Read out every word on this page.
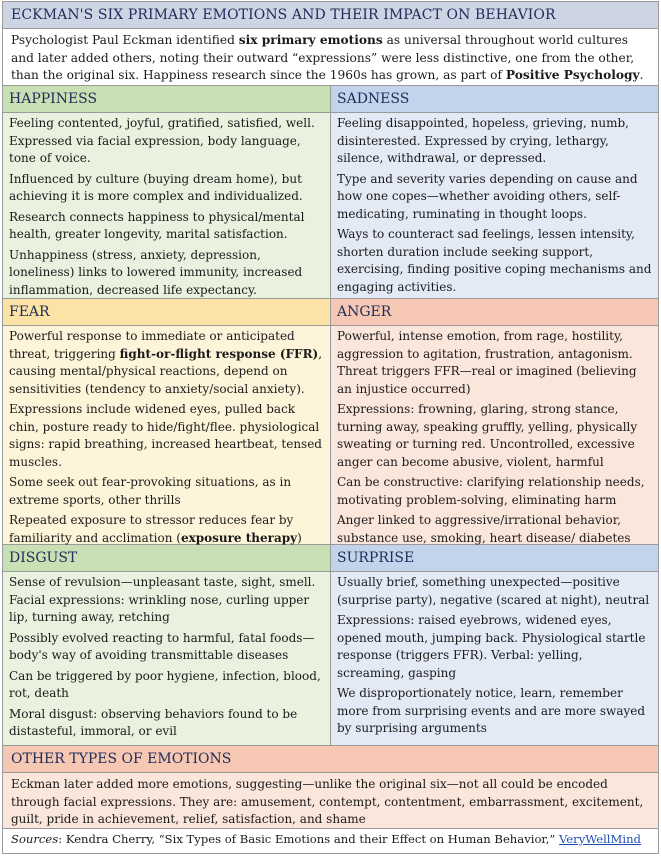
ECKMAN'S SIX PRIMARY EMOTIONS AND THEIR IMPACT ON BEHAVIOR
Psychologist Paul Eckman identified six primary emotions as universal throughout world cultures and later added others, noting their outward “expressions” were less distinctive, one from the other, than the original six. Happiness research since the 1960s has grown, as part of Positive Psychology.
HAPPINESS

Feeling contented, joyful, gratified, satisfied, well. Expressed via facial expression, body language, tone of voice.

Influenced by culture (buying dream home), but achieving it is more complex and individualized.

Research connects happiness to physical/mental health, greater longevity, marital satisfaction.

Unhappiness (stress, anxiety, depression, loneliness) links to lowered immunity, increased inflammation, decreased life expectancy.

SADNESS

Feeling disappointed, hopeless, grieving, numb, disinterested. Expressed by crying, lethargy, silence, withdrawal, or depressed.

Type and severity varies depending on cause and how one copes—whether avoiding others, self-medicating, ruminating in thought loops.

Ways to counteract sad feelings, lessen intensity, shorten duration include seeking support, exercising, finding positive coping mechanisms and engaging activities.

FEAR

Powerful response to immediate or anticipated threat, triggering fight-or-flight response (FFR), causing mental/physical reactions, depend on sensitivities (tendency to anxiety/social anxiety).

Expressions include widened eyes, pulled back chin, posture ready to hide/fight/flee. physiological signs: rapid breathing, increased heartbeat, tensed muscles.

Some seek out fear-provoking situations, as in extreme sports, other thrills

Repeated exposure to stressor reduces fear by familiarity and acclimation (exposure therapy)

ANGER

Powerful, intense emotion, from rage, hostility, aggression to agitation, frustration, antagonism. Threat triggers FFR—real or imagined (believing an injustice occurred)

Expressions: frowning, glaring, strong stance, turning away, speaking gruffly, yelling, physically sweating or turning red. Uncontrolled, excessive anger can become abusive, violent, harmful

Can be constructive: clarifying relationship needs, motivating problem-solving, eliminating harm

Anger linked to aggressive/irrational behavior, substance use, smoking, heart disease/ diabetes

DISGUST

Sense of revulsion—unpleasant taste, sight, smell. Facial expressions: wrinkling nose, curling upper lip, turning away, retching

Possibly evolved reacting to harmful, fatal foods—body's way of avoiding transmittable diseases

Can be triggered by poor hygiene, infection, blood, rot, death

Moral disgust: observing behaviors found to be distasteful, immoral, or evil

SURPRISE

Usually brief, something unexpected—positive (surprise party), negative (scared at night), neutral

Expressions: raised eyebrows, widened eyes, opened mouth, jumping back. Physiological startle response (triggers FFR). Verbal: yelling, screaming, gasping

We disproportionately notice, learn, remember more from surprising events and are more swayed by surprising arguments

OTHER TYPES OF EMOTIONS
Eckman later added more emotions, suggesting—unlike the original six—not all could be encoded through facial expressions. They are: amusement, contempt, contentment, embarrassment, excitement, guilt, pride in achievement, relief, satisfaction, and shame
Sources: Kendra Cherry, “Six Types of Basic Emotions and their Effect on Human Behavior,” VeryWellMind
